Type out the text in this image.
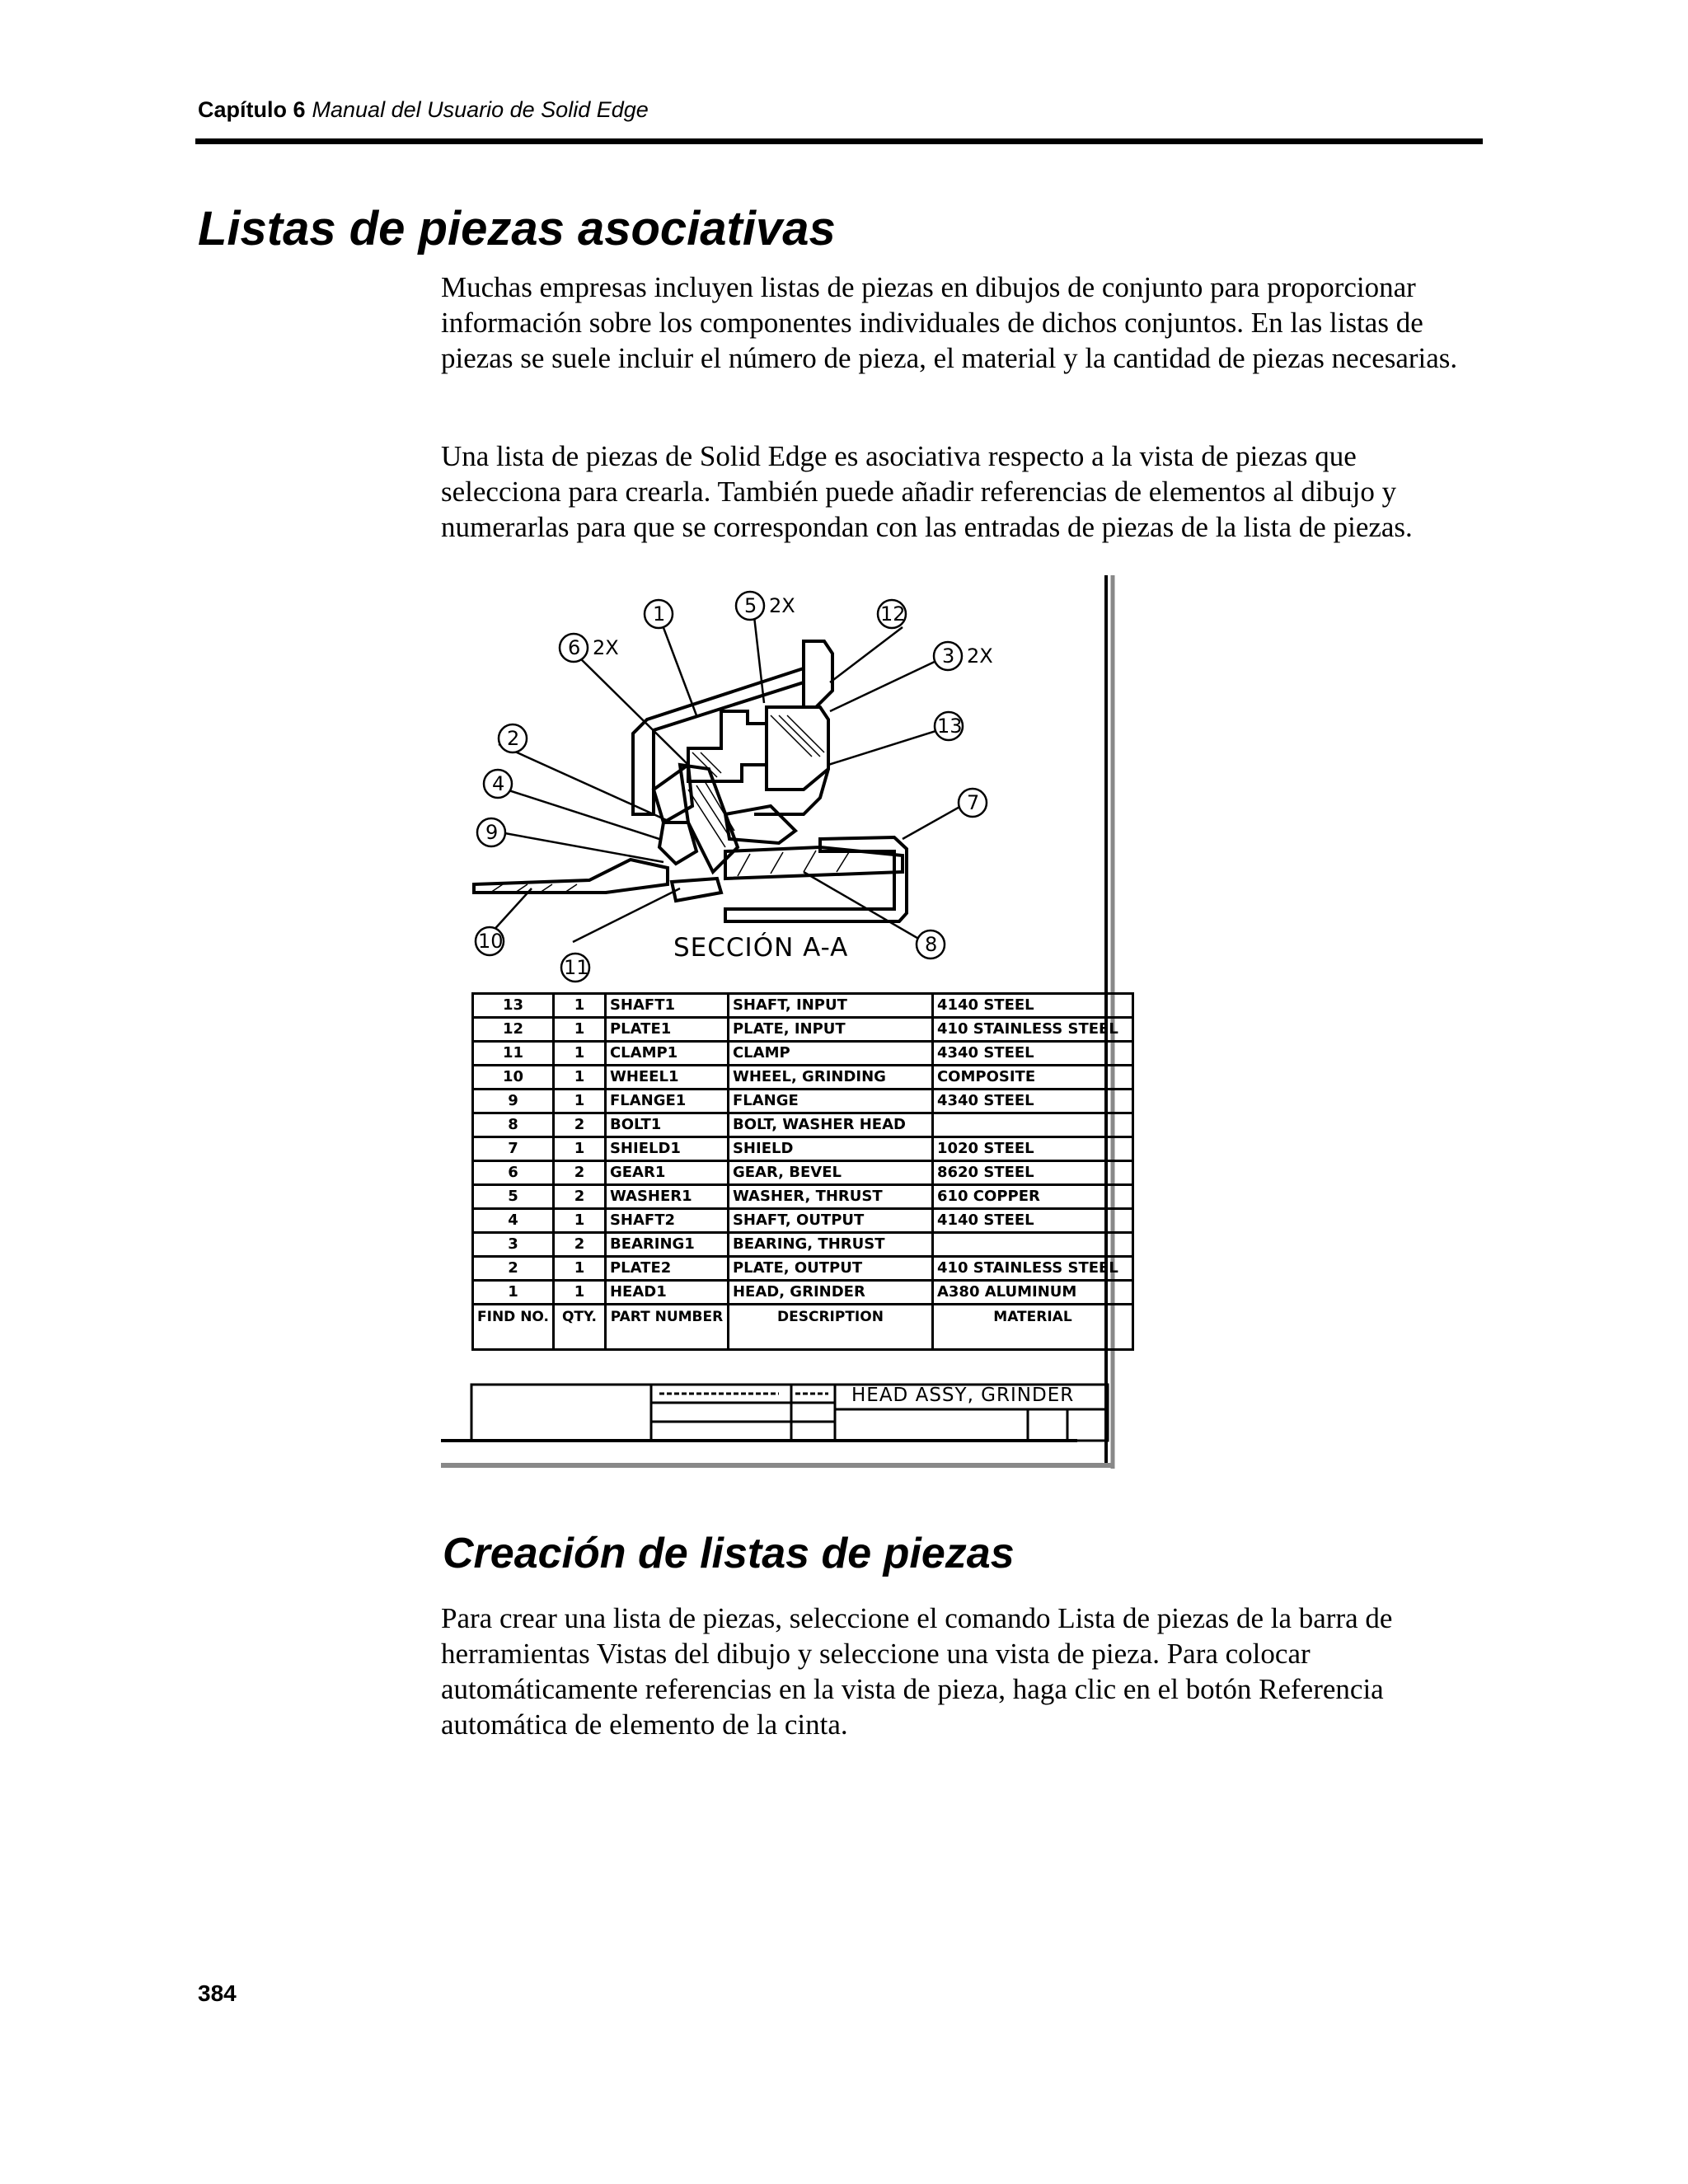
Capítulo 6 Manual del Usuario de Solid Edge
Listas de piezas asociativas

Muchas empresas incluyen listas de piezas en dibujos de conjunto para proporcionar información sobre los componentes individuales de dichos conjuntos. En las listas de piezas se suele incluir el número de pieza, el material y la cantidad de piezas necesarias.

Una lista de piezas de Solid Edge es asociativa respecto a la vista de piezas que selecciona para crearla. También puede añadir referencias de elementos al dibujo y numerarlas para que se correspondan con las entradas de piezas de la lista de piezas.

1	5	12
6	3
13
2
4
7
9
10
11
8
2X
2X
2X
SECCIÓN A-A
13	1	SHAFT1	SHAFT, INPUT	4140 STEEL
12	1	PLATE1	PLATE, INPUT	410 STAINLESS STEEL
11	1	CLAMP1	CLAMP	4340 STEEL
10	1	WHEEL1	WHEEL, GRINDING	COMPOSITE
9	1	FLANGE1	FLANGE	4340 STEEL
8	2	BOLT1	BOLT, WASHER HEAD	
7	1	SHIELD1	SHIELD	1020 STEEL
6	2	GEAR1	GEAR, BEVEL	8620 STEEL
5	2	WASHER1	WASHER, THRUST	610 COPPER
4	1	SHAFT2	SHAFT, OUTPUT	4140 STEEL
3	2	BEARING1	BEARING, THRUST	
2	1	PLATE2	PLATE, OUTPUT	410 STAINLESS STEEL
1	1	HEAD1	HEAD, GRINDER	A380 ALUMINUM
FIND NO.	QTY.	PART NUMBER	DESCRIPTION	MATERIAL
HEAD ASSY, GRINDER
Creación de listas de piezas

Para crear una lista de piezas, seleccione el comando Lista de piezas de la barra de herramientas Vistas del dibujo y seleccione una vista de pieza. Para colocar automáticamente referencias en la vista de pieza, haga clic en el botón Referencia automática de elemento de la cinta.

384
